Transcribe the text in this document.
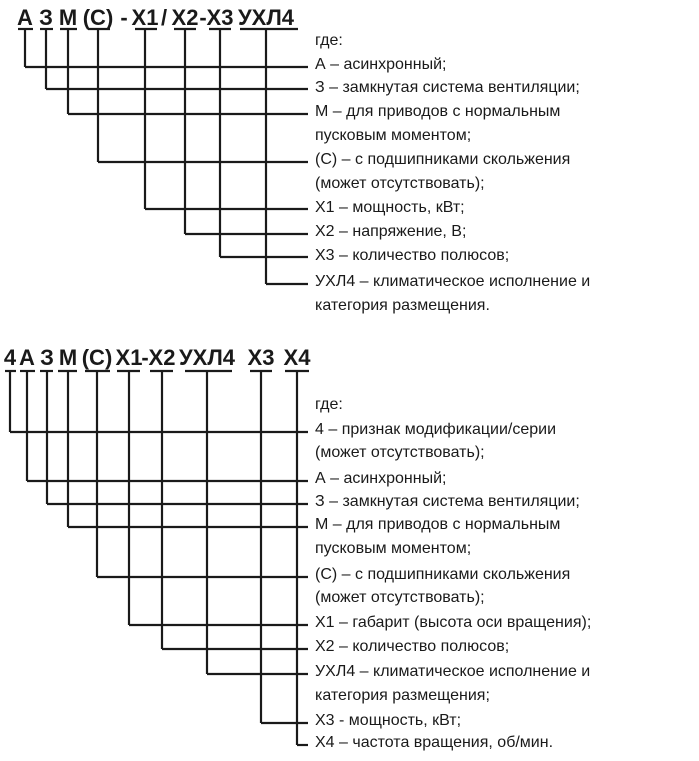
А З М (С) - Х1 / Х2 - Х3 УХЛ4
где:
А – асинхронный;
З – замкнутая система вентиляции;
М – для приводов с нормальным
пусковым моментом;
(С) – с подшипниками скольжения
(может отсутствовать);
Х1 – мощность, кВт;
Х2 – напряжение, В;
Х3 – количество полюсов;
УХЛ4 – климатическое исполнение и
категория размещения.
4 А З М (С) Х1
- Х2 УХЛ4 Х3 Х4
где:
4 – признак модификации/серии
(может отсутствовать);
А – асинхронный;
З – замкнутая система вентиляции;
М – для приводов с нормальным
пусковым моментом;
(С) – с подшипниками скольжения
(может отсутствовать);
Х1 – габарит (высота оси вращения);
Х2 – количество полюсов;
УХЛ4 – климатическое исполнение и
категория размещения;
Х3 - мощность, кВт;
Х4 – частота вращения, об/мин.
